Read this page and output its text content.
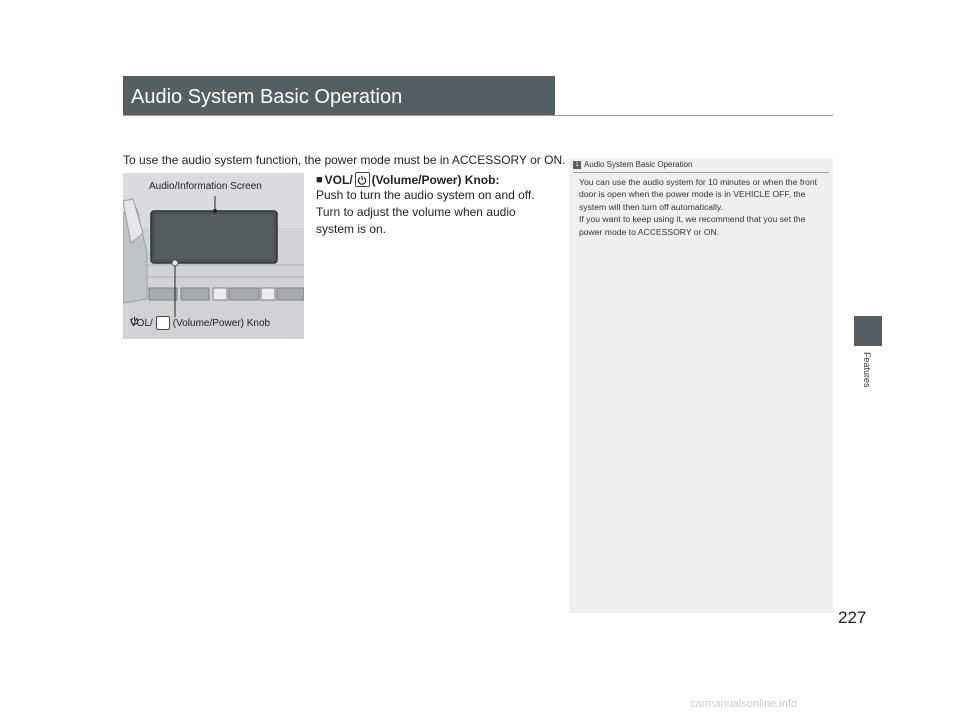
Audio System Basic Operation
Features
227
To use the audio system function, the power mode must be in ACCESSORY or ON.
Audio/Information Screen
VOL/ (Volume/Power) Knob
■ VOL/ (Volume/Power) Knob:
Push to turn the audio system on and off. Turn to adjust the volume when audio system is on.
1 Audio System Basic Operation

You can use the audio system for 10 minutes or when the front door is open when the power mode is in VEHICLE OFF, the system will then turn off automatically.

If you want to keep using it, we recommend that you set the power mode to ACCESSORY or ON.

carmanualsonline.info
